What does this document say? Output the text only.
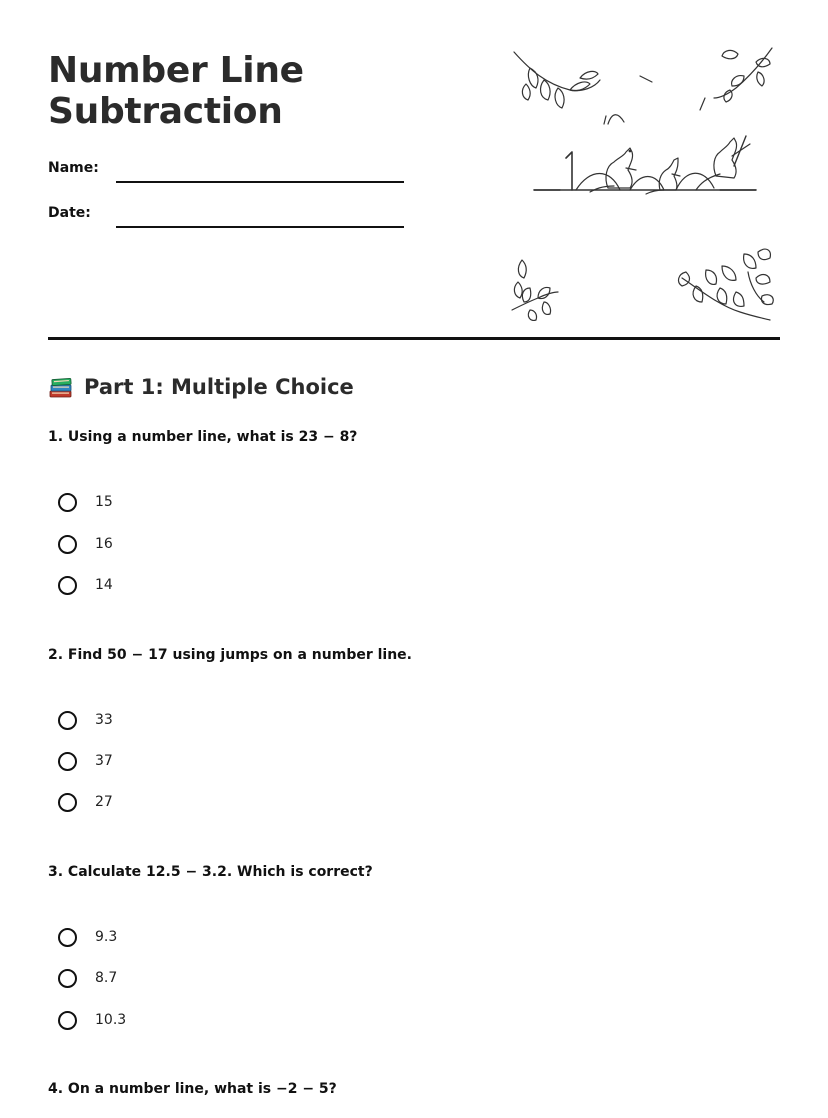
Number Line Subtraction
Name:
Date:
Part 1: Multiple Choice
1. Using a number line, what is 23 − 8?
15
16
14
2. Find 50 − 17 using jumps on a number line.
33
37
27
3. Calculate 12.5 − 3.2. Which is correct?
9.3
8.7
10.3
4. On a number line, what is −2 − 5?
